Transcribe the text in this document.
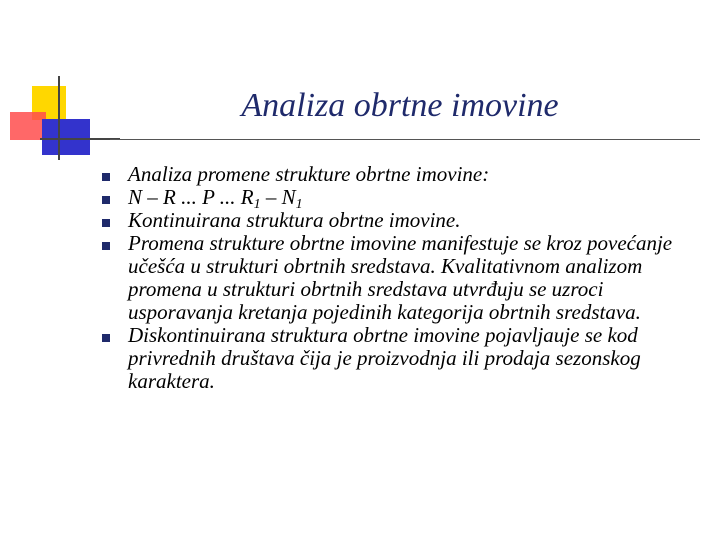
Analiza obrtne imovine
Analiza promene strukture obrtne imovine:
N – R ... P ... $R_1 - N_1$
Kontinuirana struktura obrtne imovine.
Promena strukture obrtne imovine manifestuje se kroz povećanje učešća u strukturi obrtnih sredstava. Kvalitativnom analizom promena u strukturi obrtnih sredstava utvrđuju se uzroci usporavanja kretanja pojedinih kategorija obrtnih sredstava.
Diskontinuirana struktura obrtne imovine pojavljauje se kod privrednih društava čija je proizvodnja ili prodaja sezonskog karaktera.
